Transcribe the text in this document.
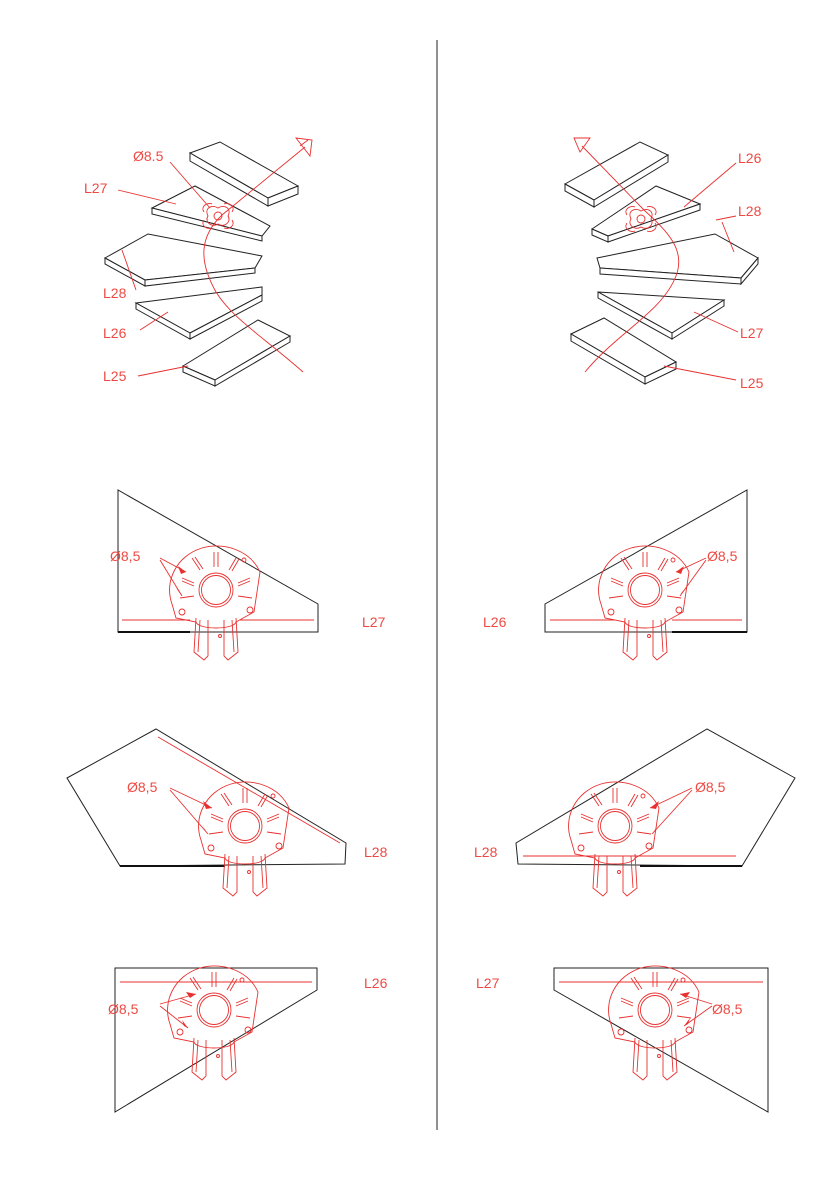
Ø8.5
L27
L28
L26
L25
L26
L28
L27
L25
Ø8,5
L27
Ø8,5
L26
Ø8,5
L28
Ø8,5
L28
Ø8,5
L26
Ø8,5
L27
